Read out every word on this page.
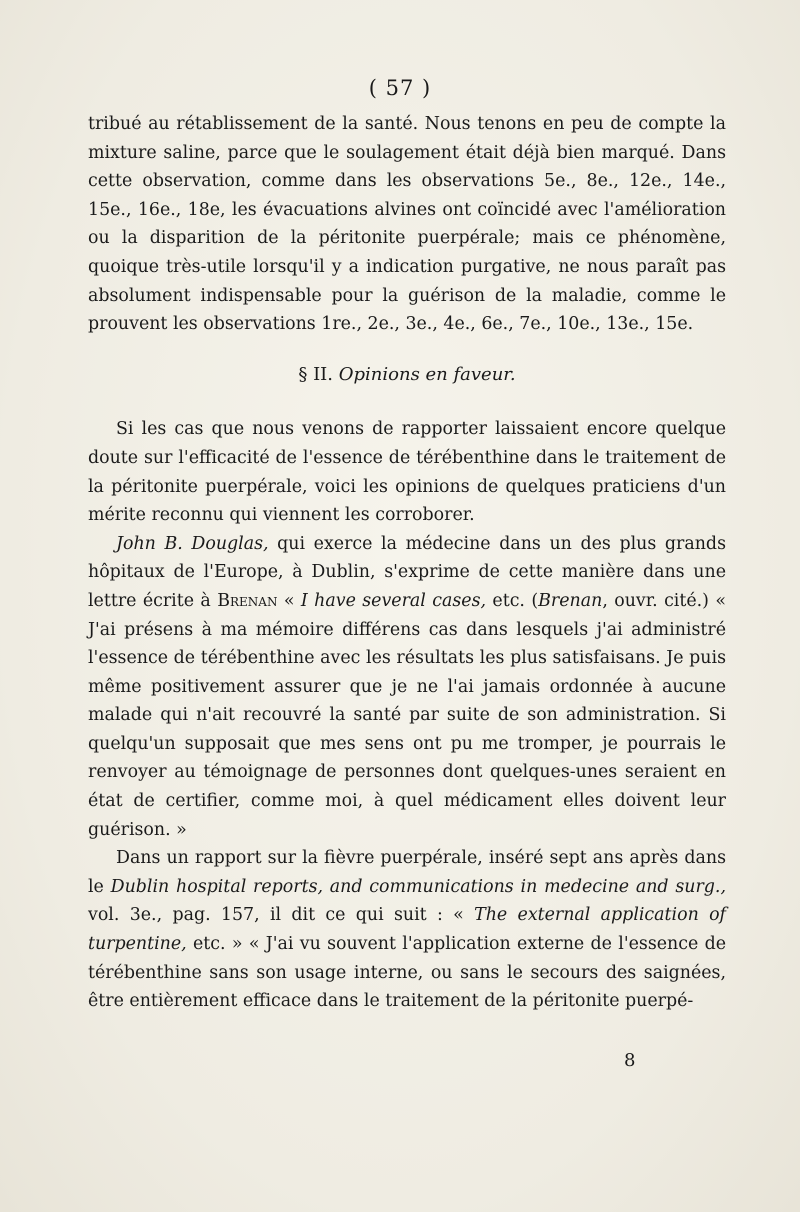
( 57 )

tribué au rétablissement de la santé. Nous tenons en peu de compte la mixture saline, parce que le soulagement était déjà bien marqué. Dans cette observation, comme dans les observations 5e., 8e., 12e., 14e., 15e., 16e., 18e, les évacuations alvines ont coïncidé avec l'amélioration ou la disparition de la péritonite puerpérale; mais ce phénomène, quoique très-utile lorsqu'il y a indication purgative, ne nous paraît pas absolument indispensable pour la guérison de la maladie, comme le prouvent les observations 1re., 2e., 3e., 4e., 6e., 7e., 10e., 13e., 15e.

§ II. Opinions en faveur.

Si les cas que nous venons de rapporter laissaient encore quelque doute sur l'efficacité de l'essence de térébenthine dans le traitement de la péritonite puerpérale, voici les opinions de quelques praticiens d'un mérite reconnu qui viennent les corroborer.

John B. Douglas, qui exerce la médecine dans un des plus grands hôpitaux de l'Europe, à Dublin, s'exprime de cette manière dans une lettre écrite à Brenan « I have several cases, etc. (Brenan, ouvr. cité.) « J'ai présens à ma mémoire différens cas dans lesquels j'ai administré l'essence de térébenthine avec les résultats les plus satisfaisans. Je puis même positivement assurer que je ne l'ai jamais ordonnée à aucune malade qui n'ait recouvré la santé par suite de son administration. Si quelqu'un supposait que mes sens ont pu me tromper, je pourrais le renvoyer au témoignage de personnes dont quelques-unes seraient en état de certifier, comme moi, à quel médicament elles doivent leur guérison. »

Dans un rapport sur la fièvre puerpérale, inséré sept ans après dans le Dublin hospital reports, and communications in medecine and surg., vol. 3e., pag. 157, il dit ce qui suit : « The external application of turpentine, etc. » « J'ai vu souvent l'application externe de l'essence de térébenthine sans son usage interne, ou sans le secours des saignées, être entièrement efficace dans le traitement de la péritonite puerpé-

8
